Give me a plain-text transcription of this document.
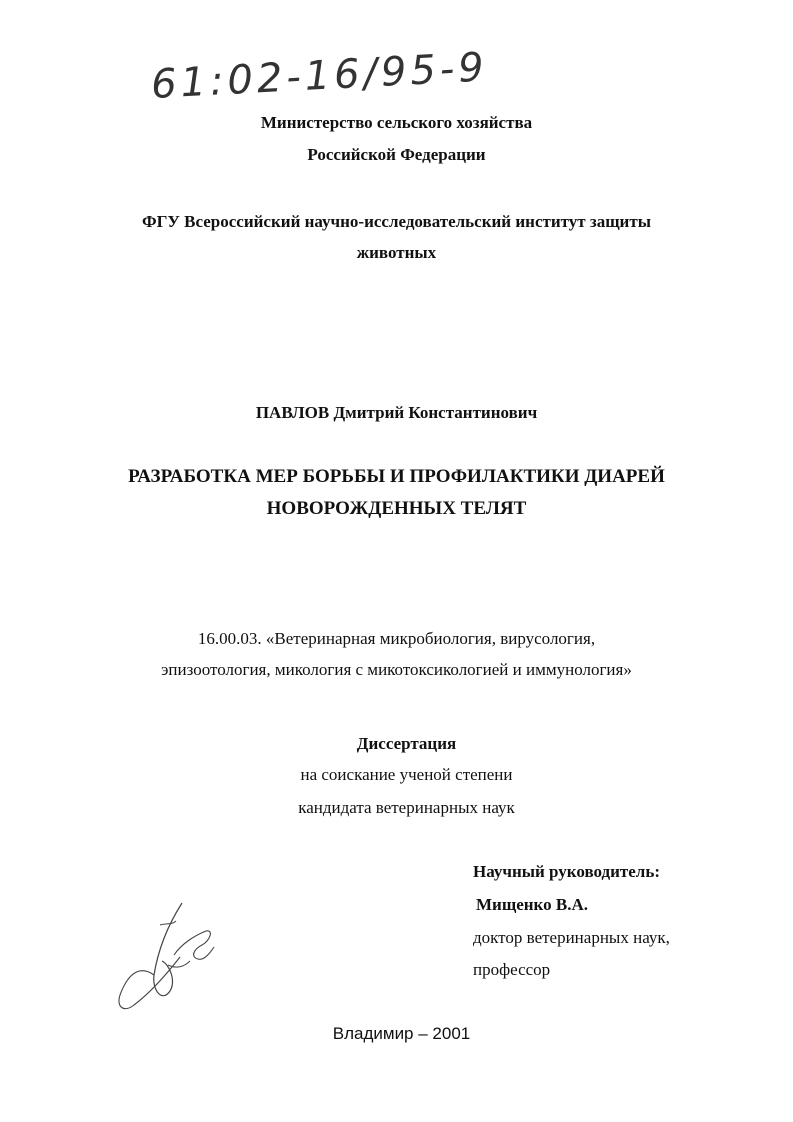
61:02-16/95-9
Министерство сельского хозяйства
Российской Федерации
ФГУ Всероссийский научно-исследовательский институт защиты
животных
ПАВЛОВ Дмитрий Константинович
РАЗРАБОТКА МЕР БОРЬБЫ И ПРОФИЛАКТИКИ ДИАРЕЙ
НОВОРОЖДЕННЫХ ТЕЛЯТ
16.00.03. «Ветеринарная микробиология, вирусология,
эпизоотология, микология с микотоксикологией и иммунология»
Диссертация
на соискание ученой степени
кандидата ветеринарных наук
Научный руководитель:
Мищенко В.А.
доктор ветеринарных наук,
профессор
Владимир – 2001
